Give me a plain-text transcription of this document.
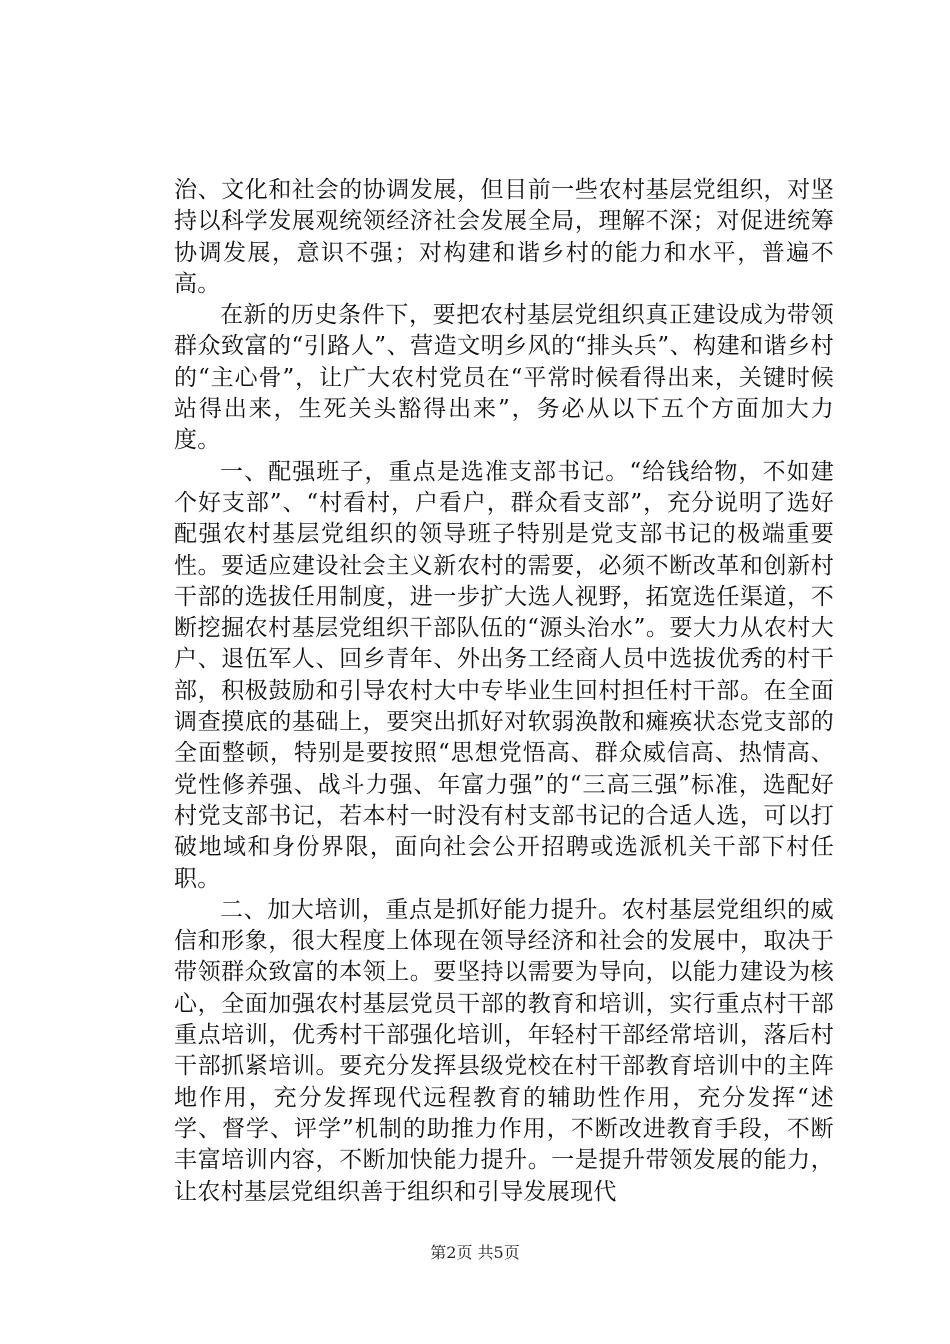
治、文化和社会的协调发展，但目前一些农村基层党组织，对坚持以科学发展观统领经济社会发展全局，理解不深；对促进统筹协调发展，意识不强；对构建和谐乡村的能力和水平，普遍不高。

在新的历史条件下，要把农村基层党组织真正建设成为带领群众致富的“引路人”、营造文明乡风的“排头兵”、构建和谐乡村的“主心骨”，让广大农村党员在“平常时候看得出来，关键时候站得出来，生死关头豁得出来”，务必从以下五个方面加大力度。

一、配强班子，重点是选准支部书记。“给钱给物，不如建个好支部”、“村看村，户看户，群众看支部”，充分说明了选好配强农村基层党组织的领导班子特别是党支部书记的极端重要性。要适应建设社会主义新农村的需要，必须不断改革和创新村干部的选拔任用制度，进一步扩大选人视野，拓宽选任渠道，不断挖掘农村基层党组织干部队伍的“源头治水”。要大力从农村大户、退伍军人、回乡青年、外出务工经商人员中选拔优秀的村干部，积极鼓励和引导农村大中专毕业生回村担任村干部。在全面调查摸底的基础上，要突出抓好对软弱涣散和瘫痪状态党支部的全面整顿，特别是要按照“思想党悟高、群众威信高、热情高、党性修养强、战斗力强、年富力强”的“三高三强”标准，选配好村党支部书记，若本村一时没有村支部书记的合适人选，可以打破地域和身份界限，面向社会公开招聘或选派机关干部下村任职。

二、加大培训，重点是抓好能力提升。农村基层党组织的威信和形象，很大程度上体现在领导经济和社会的发展中，取决于带领群众致富的本领上。要坚持以需要为导向，以能力建设为核心，全面加强农村基层党员干部的教育和培训，实行重点村干部重点培训，优秀村干部强化培训，年轻村干部经常培训，落后村干部抓紧培训。要充分发挥县级党校在村干部教育培训中的主阵地作用，充分发挥现代远程教育的辅助性作用，充分发挥“述学、督学、评学”机制的助推力作用，不断改进教育手段，不断丰富培训内容，不断加快能力提升。一是提升带领发展的能力，让农村基层党组织善于组织和引导发展现代

第2页 共5页
